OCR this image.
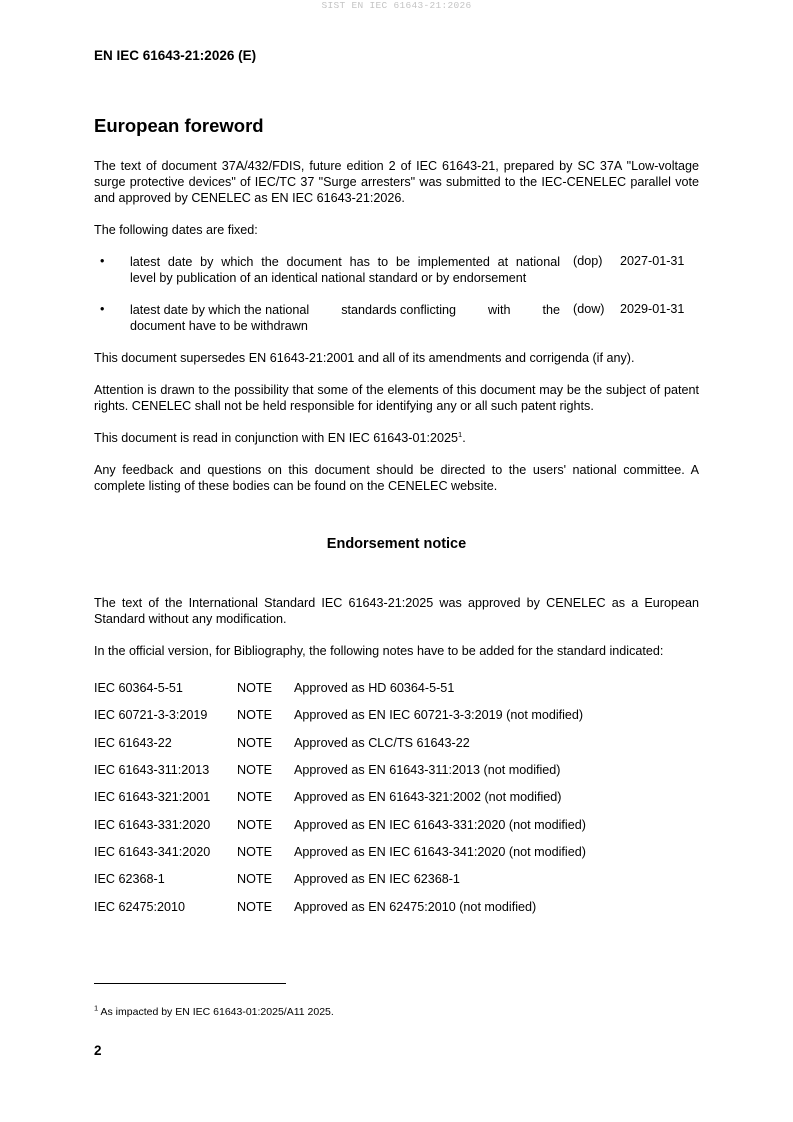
SIST EN IEC 61643-21:2026
EN IEC 61643-21:2026 (E)
European foreword

The text of document 37A/432/FDIS, future edition 2 of IEC 61643-21, prepared by SC 37A "Low-voltage surge protective devices" of IEC/TC 37 "Surge arresters" was submitted to the IEC-CENELEC parallel vote and approved by CENELEC as EN IEC 61643-21:2026.

The following dates are fixed:

• latest date by which the document has to be implemented at national
level by publication of an identical national standard or by endorsement
(dop) 2027-01-31
• latest date by which the national	standards conflicting	with	the
document have to be withdrawn
(dow) 2029-01-31

This document supersedes EN 61643-21:2001 and all of its amendments and corrigenda (if any).

Attention is drawn to the possibility that some of the elements of this document may be the subject of patent rights. CENELEC shall not be held responsible for identifying any or all such patent rights.

This document is read in conjunction with EN IEC 61643-01:2025$^1$.

Any feedback and questions on this document should be directed to the users' national committee. A complete listing of these bodies can be found on the CENELEC website.

Endorsement notice

The text of the International Standard IEC 61643-21:2025 was approved by CENELEC as a European Standard without any modification.

In the official version, for Bibliography, the following notes have to be added for the standard indicated:

IEC 60364-5-51	NOTE Approved as HD 60364-5-51
IEC 60721-3-3:2019 NOTE Approved as EN IEC 60721-3-3:2019 (not modified)
IEC 61643-22	NOTE Approved as CLC/TS 61643-22
IEC 61643-311:2013 NOTE Approved as EN 61643-311:2013 (not modified)
IEC 61643-321:2001 NOTE Approved as EN 61643-321:2002 (not modified)
IEC 61643-331:2020 NOTE Approved as EN IEC 61643-331:2020 (not modified)
IEC 61643-341:2020 NOTE Approved as EN IEC 61643-341:2020 (not modified)
IEC 62368-1	NOTE Approved as EN IEC 62368-1
IEC 62475:2010	NOTE Approved as EN 62475:2010 (not modified)
$^1$ As impacted by EN IEC 61643-01:2025/A11 2025.
2
